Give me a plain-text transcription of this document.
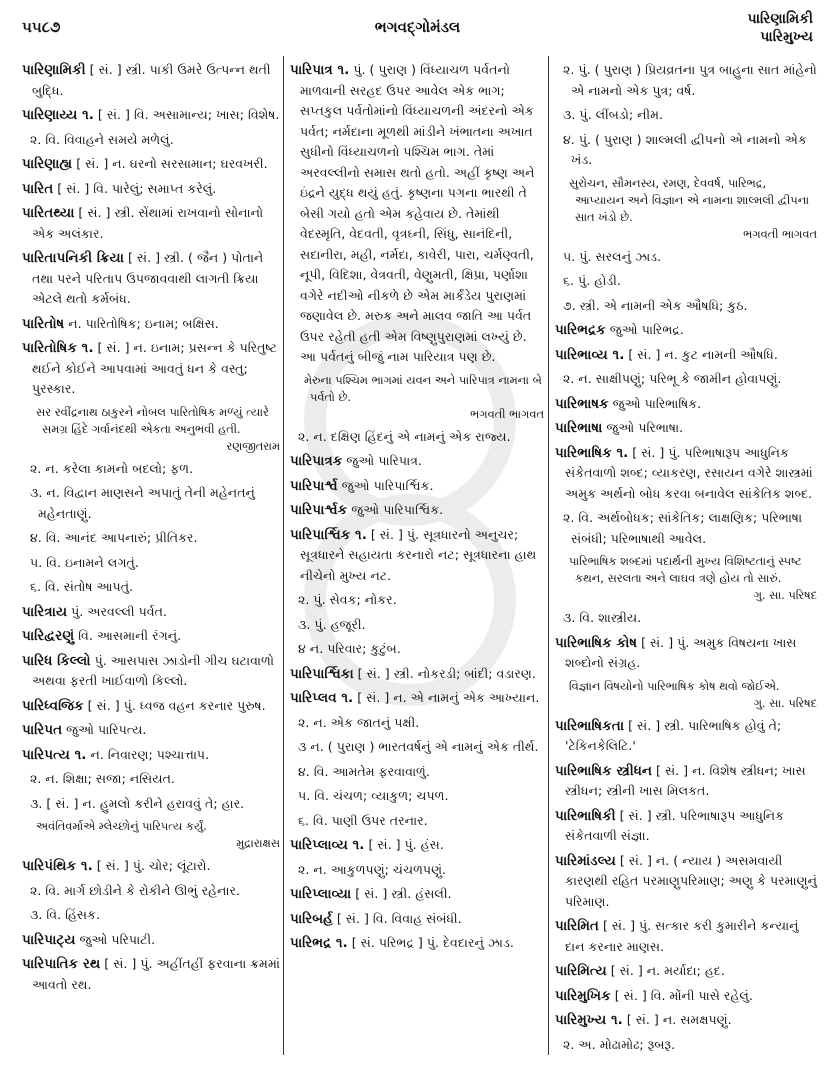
૫૫૮૭	ભગવદ્ગોમંડલ	પારિણામિકી
પારિમુખ્ય
પારિણામિકી [ સં. ] સ્ત્રી. પાકી ઉમરે ઉત્પન્ન થતી બુદ્ધિ.
પારિણાય્ય ૧. [ સં. ] વિ. અસામાન્ય; ખાસ; વિશેષ.
૨. વિ. વિવાહને સમયે મળેલું.
પારિણાહ્ય [ સં. ] ન. ઘરનો સરસામાન; ઘરવખરી.
પારિત [ સં. ] વિ. પારેલું; સમાપ્ત કરેલું.
પારિતથ્યા [ સં. ] સ્ત્રી. સેંથામાં રાખવાનો સોનાનો એક અલંકાર.
પારિતાપનિકી ક્રિયા [ સં. ] સ્ત્રી. ( જૈન ) પોતાને તથા પરને પરિતાપ ઉપજાવવાથી લાગતી ક્રિયા એટલે થતો કર્મબંધ.
પારિતોષ ન. પારિતોષિક; ઇનામ; બક્ષિસ.
પારિતોષિક ૧. [ સં. ] ન. ઇનામ; પ્રસન્ન કે પરિતુષ્ટ થઈને કોઈને આપવામાં આવતું ધન કે વસ્તુ; પુરસ્કાર.
સર રવીંદ્રનાથ ઠાકુરને નોબલ પારિતોષિક મળ્યું ત્યારે સમગ્ર હિંદે ગર્વાનંદથી એકતા અનુભવી હતી.
રણજીતરામ
૨. ન. કરેલા કામનો બદલો; ફળ.
૩. ન. વિદ્વાન માણસને અપાતું તેની મહેનતનું મહેનતાણું.
૪. વિ. આનંદ આપનારું; પ્રીતિકર.
૫. વિ. ઇનામને લગતું.
૬. વિ. સંતોષ આપતું.
પારિત્રાય પું. અરવલ્લી પર્વત.
પારિદ્વરણું વિ. આસમાની રંગનું.
પારિધ કિલ્લો પું. આસપાસ ઝાડોની ગીચ ઘટાવાળો અથવા ફરતી ખાઈવાળો કિલ્લો.
પારિધ્વજિક [ સં. ] પું. ધ્વજ વહન કરનાર પુરુષ.
પારિપત જુઓ પારિપત્ય.
પારિપત્ય ૧. ન. નિવારણ; પશ્ચાત્તાપ.
૨. ન. શિક્ષા; સજા; નસિયત.
૩. [ સં. ] ન. હુમલો કરીને હરાવવું તે; હાર.
અવંતિવર્માએ મ્લેચ્છોનું પારિપત્ય કર્યું.
મુદ્રારાક્ષસ
પારિપંથિક ૧. [ સં. ] પું. ચોર; લૂંટારો.
૨. વિ. માર્ગ છોડીને કે રોકીને ઊભું રહેનાર.
૩. વિ. હિંસક.
પારિપાટ્ય જુઓ પરિપાટી.
પારિપાતિક રથ [ સં. ] પું. અહીંતહીં ફરવાના ક્રમમાં આવતો રથ.
પારિપાત્ર ૧. પું. ( પુરાણ ) વિંધ્યાચળ પર્વતનો માળવાની સરહદ ઉપર આવેલ એક ભાગ; સપ્તકુલ પર્વતોમાંનો વિંધ્યાચળની અંદરનો એક પર્વત; નર્મદાના મૂળથી માંડીને ખંભાતના અખાત સુધીનો વિંધ્યાચળનો પશ્ચિમ ભાગ. તેમાં અરવલ્લીનો સમાસ થતો હતો. અહીં કૃષ્ણ અને ઇંદ્રને યુદ્ધ થયું હતું. કૃષ્ણના પગના ભારથી તે બેસી ગયો હતો એમ કહેવાય છે. તેમાંથી વેદસ્મૃતિ, વેદવતી, વૃત્રઘ્ની, સિંધુ, સાનંદિની, સદાનીરા, મહી, નર્મદા, કાવેરી, પારા, ચર્મણ્વતી, નૂપી, વિદિશા, વેત્રવતી, વેણુમતી, ક્ષિપ્રા, પર્ણાશા વગેરે નદીઓ નીકળે છે એમ માર્કંડેય પુરાણમાં જણાવેલ છે. મરુક અને માલવ જાતિ આ પર્વત ઉપર રહેતી હતી એમ વિષ્ણુપુરાણમાં લખ્યું છે. આ પર્વતનું બીજું નામ પારિયાત્ર પણ છે.
મેરુના પશ્ચિમ ભાગમાં યવન અને પારિપાત્ર નામના બે પર્વતો છે.
ભગવતી ભાગવત
૨. ન. દક્ષિણ હિંદનું એ નામનું એક રાજ્ય.
પારિપાત્રક જુઓ પારિપાત્ર.
પારિપાર્શ્વ જુઓ પારિપાર્શ્વિક.
પારિપાર્શ્વક જુઓ પારિપાર્શ્વિક.
પારિપાર્શ્વિક ૧. [ સં. ] પું. સૂત્રધારનો અનુચર; સૂત્રધારને સહાયતા કરનારો નટ; સૂત્રધારના હાથ નીચેનો મુખ્ય નટ.
૨. પું. સેવક; નોકર.
૩. પું. હજૂરી.
૪ ન. પરિવાર; કુટુંબ.
પારિપાર્શ્વિકા [ સં. ] સ્ત્રી. નોકરડી; બાંદી; વડારણ.
પારિપ્લવ ૧. [ સં. ] ન. એ નામનું એક આખ્યાન.
૨. ન. એક જાતનું પક્ષી.
૩ ન. ( પુરાણ ) ભારતવર્ષનું એ નામનું એક તીર્થ.
૪. વિ. આમતેમ ફરવાવાળું.
૫. વિ. ચંચળ; વ્યાકુળ; ચપળ.
૬. વિ. પાણી ઉપર તરનાર.
પારિપ્લાવ્ય ૧. [ સં. ] પું. હંસ.
૨. ન. આકુળપણું; ચંચળપણું.
પારિપ્લાવ્યા [ સં. ] સ્ત્રી. હંસલી.
પારિબર્હ [ સં. ] વિ. વિવાહ સંબંધી.
પારિભદ્ર ૧. [ સં. પરિભદ્ર ] પું. દેવદારનું ઝાડ.
૨. પું. ( પુરાણ ) પ્રિયવ્રતના પુત્ર બાહુના સાત માંહેનો એ નામનો એક પુત્ર; વર્ષ.
૩. પું. લીંબડો; નીમ.
૪. પું. ( પુરાણ ) શાલ્મલી દ્વીપનો એ નામનો એક ખંડ.
સુરોચન, સૌમનસ્ય, રમણ, દેવવર્ષ, પારિભદ્ર, આપ્યાયન અને વિજ્ઞાન એ નામના શાલ્મલી દ્વીપના સાત ખંડો છે.
ભગવતી ભાગવત
૫. પું. સરલનું ઝાડ.
૬. પું. હોડી.
૭. સ્ત્રી. એ નામની એક ઔષધિ; કુઠ.
પારિભદ્રક જુઓ પારિભદ્ર.
પારિભાવ્ય ૧. [ સં. ] ન. કુટ નામની ઔષધિ.
૨. ન. સાક્ષીપણું; પરિભૂ કે જામીન હોવાપણું.
પારિભાષક જુઓ પારિભાષિક.
પારિભાષા જુઓ પરિભાષા.
પારિભાષિક ૧. [ સં. ] પું. પરિભાષારૂપ આધુનિક સંકેતવાળો શબ્દ; વ્યાકરણ, રસાયન વગેરે શાસ્ત્રમાં અમુક અર્થનો બોધ કરવા બનાવેલ સાંકેતિક શબ્દ.
૨. વિ. અર્થબોધક; સાંકેતિક; લાક્ષણિક; પરિભાષા સંબંધી; પરિભાષાથી આવેલ.
પારિભાષિક શબ્દમાં પદાર્થની મુખ્ય વિશિષ્ટતાનું સ્પષ્ટ કથન, સરલતા અને લાઘવ ત્રણે હોય તો સારું.
ગુ. સા. પરિષદ
૩. વિ. શાસ્ત્રીય.
પારિભાષિક કોષ [ સં. ] પું. અમુક વિષયના ખાસ શબ્દોનો સંગ્રહ.
વિજ્ઞાન વિષયોનો પારિભાષિક કોષ થવો જોઈએ.
ગુ. સા. પરિષદ
પારિભાષિકતા [ સં. ] સ્ત્રી. પારિભાષિક હોવું તે; 'ટેકિનકેલિટિ.'
પારિભાષિક સ્ત્રીધન [ સં. ] ન. વિશેષ સ્ત્રીધન; ખાસ સ્ત્રીધન; સ્ત્રીની ખાસ મિલકત.
પારિભાષિકી [ સં. ] સ્ત્રી. પરિભાષારૂપ આધુનિક સંકેતવાળી સંજ્ઞા.
પારિમાંડલ્ય [ સં. ] ન. ( ન્યાય ) અસમવાયી કારણથી રહિત પરમાણુપરિમાણ; અણુ કે પરમાણુનું પરિમાણ.
પારિમિત [ સં. ] પું. સત્કાર કરી કુમારીને કન્યાનું દાન કરનાર માણસ.
પારિમિત્ય [ સં. ] ન. મર્યાદા; હદ.
પારિમુખિક [ સં. ] વિ. મોંની પાસે રહેલું.
પારિમુખ્ય ૧. [ સં. ] ન. સમક્ષપણું.
૨. અ. મોઢામોઢ; રૂબરૂ.
